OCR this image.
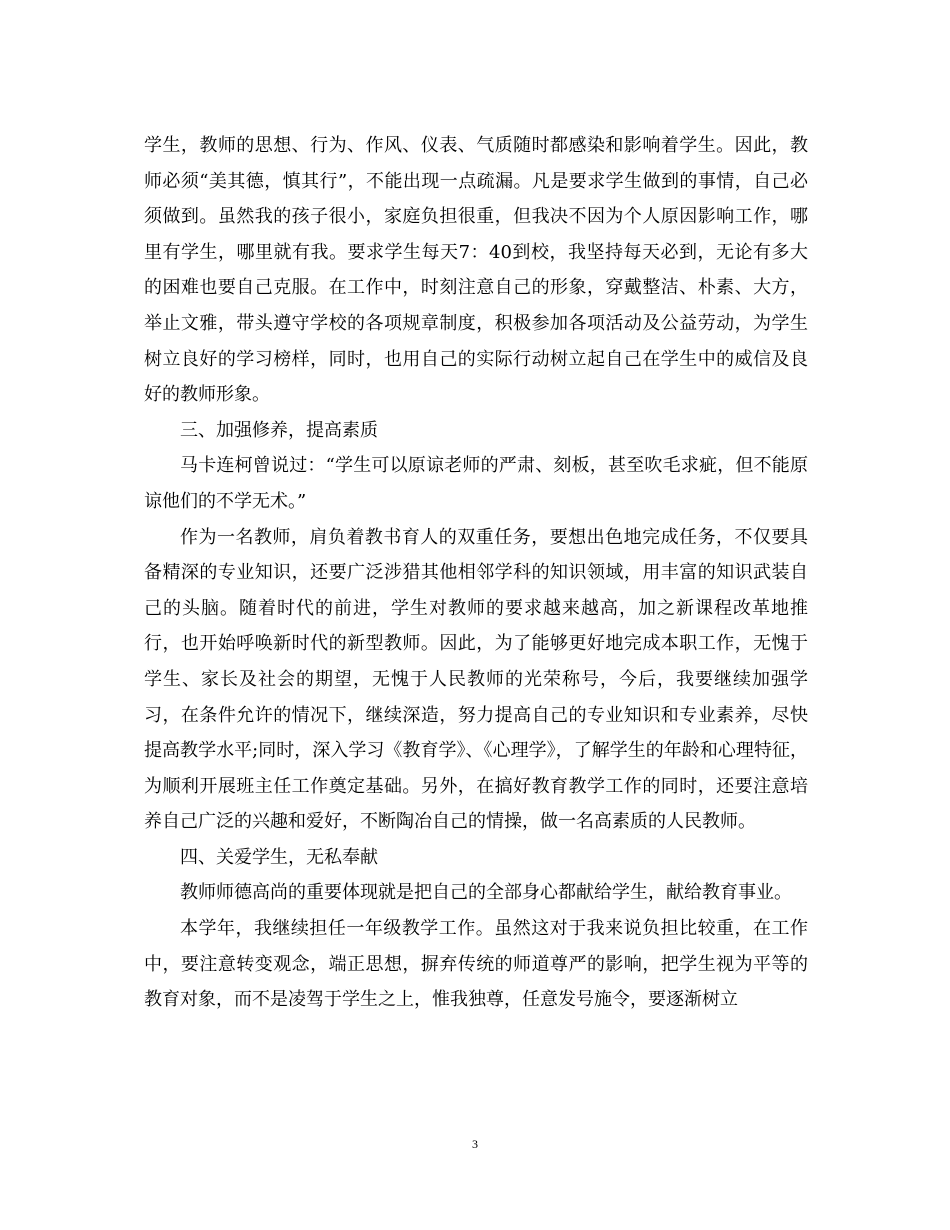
学生，教师的思想、行为、作风、仪表、气质随时都感染和影响着学生。因此，教师必须“美其德，慎其行”，不能出现一点疏漏。凡是要求学生做到的事情，自己必须做到。虽然我的孩子很小，家庭负担很重，但我决不因为个人原因影响工作，哪里有学生，哪里就有我。要求学生每天7：40到校，我坚持每天必到，无论有多大的困难也要自己克服。在工作中，时刻注意自己的形象，穿戴整洁、朴素、大方，举止文雅，带头遵守学校的各项规章制度，积极参加各项活动及公益劳动，为学生树立良好的学习榜样，同时，也用自己的实际行动树立起自己在学生中的威信及良好的教师形象。

三、加强修养，提高素质

马卡连柯曾说过：“学生可以原谅老师的严肃、刻板，甚至吹毛求疵，但不能原谅他们的不学无术。”

作为一名教师，肩负着教书育人的双重任务，要想出色地完成任务，不仅要具备精深的专业知识，还要广泛涉猎其他相邻学科的知识领域，用丰富的知识武装自己的头脑。随着时代的前进，学生对教师的要求越来越高，加之新课程改革地推行，也开始呼唤新时代的新型教师。因此，为了能够更好地完成本职工作，无愧于学生、家长及社会的期望，无愧于人民教师的光荣称号，今后，我要继续加强学习，在条件允许的情况下，继续深造，努力提高自己的专业知识和专业素养，尽快提高教学水平;同时，深入学习《教育学》、《心理学》，了解学生的年龄和心理特征，为顺利开展班主任工作奠定基础。另外，在搞好教育教学工作的同时，还要注意培养自己广泛的兴趣和爱好，不断陶冶自己的情操，做一名高素质的人民教师。

四、关爱学生，无私奉献

教师师德高尚的重要体现就是把自己的全部身心都献给学生，献给教育事业。

本学年，我继续担任一年级教学工作。虽然这对于我来说负担比较重，在工作中，要注意转变观念，端正思想，摒弃传统的师道尊严的影响，把学生视为平等的教育对象，而不是凌驾于学生之上，惟我独尊，任意发号施令，要逐渐树立

3
